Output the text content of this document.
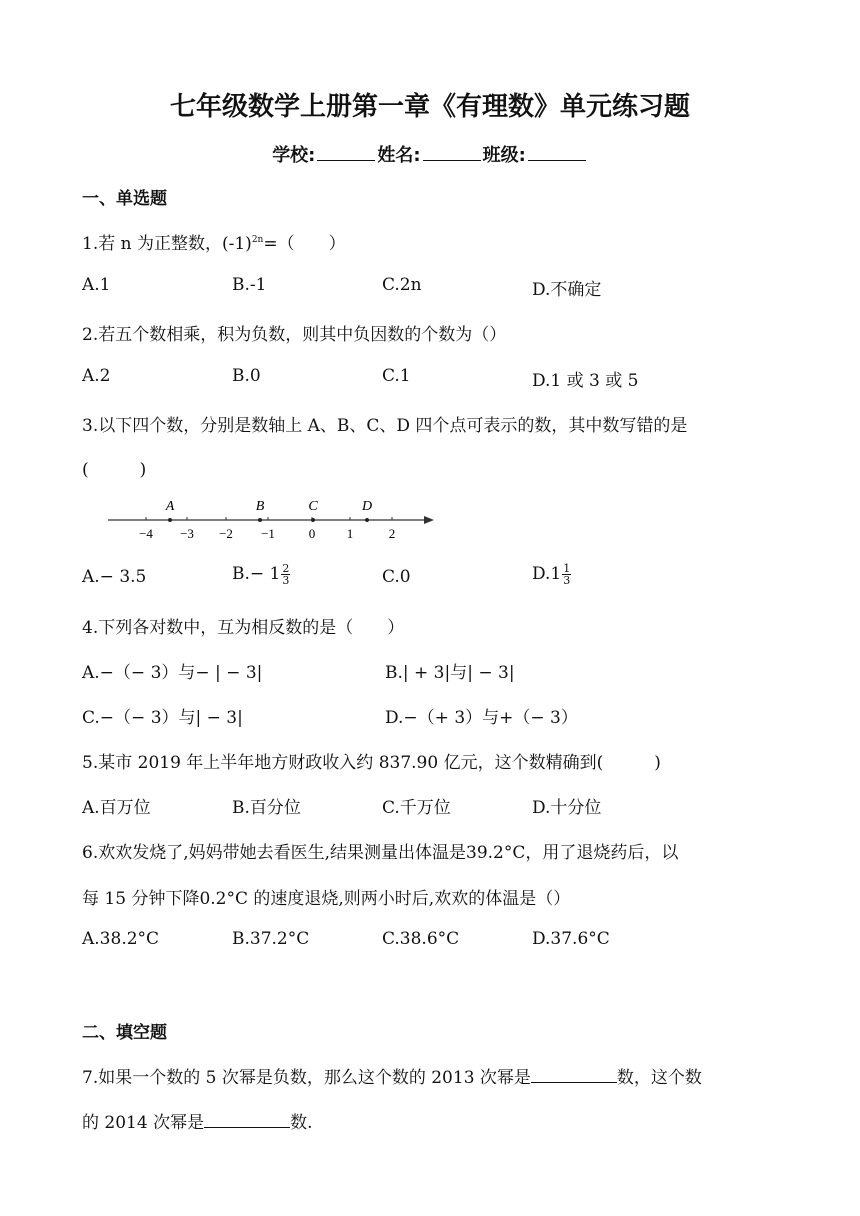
七年级数学上册第一章《有理数》单元练习题
学校:	姓名:	班级:
一、单选题
1.若 n 为正整数，$(-1)^{2n}=$（　　）
A.1	B.-1	C.2n	D.不确定
2.若五个数相乘，积为负数，则其中负因数的个数为（）
A.2	B.0	C.1	D.1 或 3 或 5
3.以下四个数，分别是数轴上 A、B、C、D 四个点可表示的数，其中数写错的是
(　　　)
−4 −3 −2 −1	0 1	2
A	B	C	D
A.− 3.5	$B.- 1 \frac{2}{3}$	C.0	$D.1 \frac{1}{3}$
4.下列各对数中，互为相反数的是（　　）
A.−（− 3）与− | − 3|	B.| + 3|与| − 3|
C.−（− 3）与| − 3|	D.−（+ 3）与+（− 3）
5.某市 2019 年上半年地方财政收入约 837.90 亿元，这个数精确到(　　　)
A.百万位	B.百分位	C.千万位	D.十分位
6.欢欢发烧了,妈妈带她去看医生,结果测量出体温是39.2°C，用了退烧药后，以
每 15 分钟下降0.2°C 的速度退烧,则两小时后,欢欢的体温是（）
A.38.2°C	B.37.2°C	C.38.6°C	D.37.6°C
二、填空题
7.如果一个数的 5 次幂是负数，那么这个数的 2013 次幂是	数，这个数
的 2014 次幂是	数.
